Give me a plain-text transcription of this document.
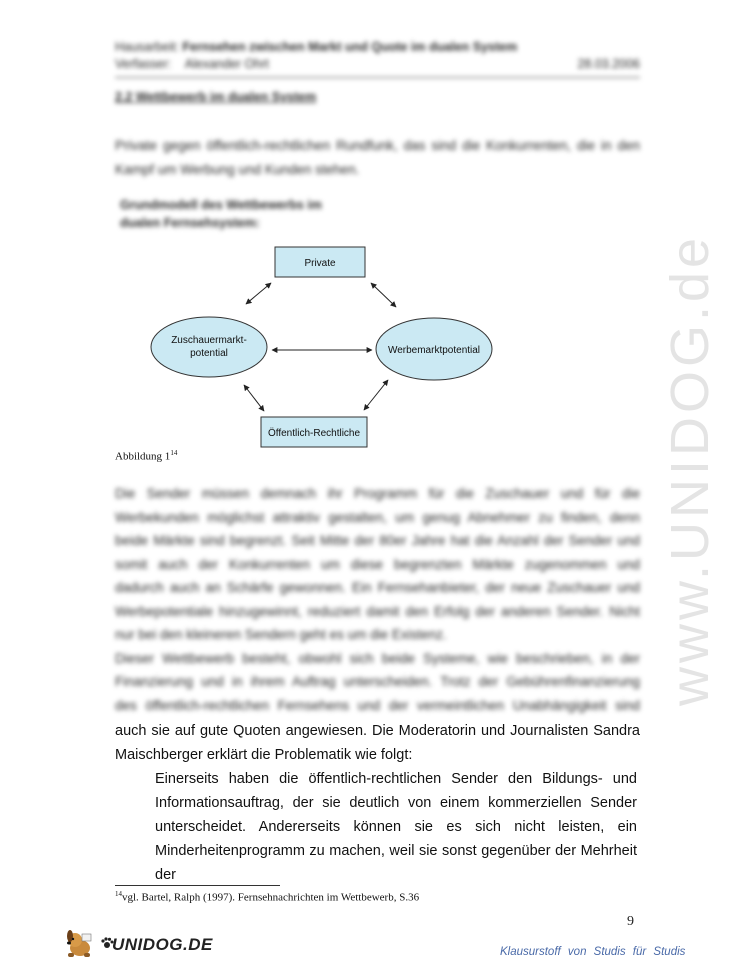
www.UNIDOG.de
Hausarbeit: Fernsehen zwischen Markt und Quote im dualen System
Verfasser: Alexander Ohrt	28.03.2006
2.2 Wettbewerb im dualen System
Private gegen öffentlich-rechtlichen Rundfunk, das sind die Konkurrenten, die in den
Kampf um Werbung und Kunden stehen.
Grundmodell des Wettbewerbs im
dualen Fernsehsystem:
Private
Zuschauermarkt-
potential	Werbemarktpotential
Öffentlich-Rechtliche
Abbildung $1^{14}$
Die Sender müssen demnach ihr Programm für die Zuschauer und für die
Werbekunden möglichst attraktiv gestalten, um genug Abnehmer zu finden, denn
beide Märkte sind begrenzt. Seit Mitte der 80er Jahre hat die Anzahl der Sender und
somit auch der Konkurrenten um diese begrenzten Märkte zugenommen und
dadurch auch an Schärfe gewonnen. Ein Fernsehanbieter, der neue Zuschauer und
Werbepotentiale hinzugewinnt, reduziert damit den Erfolg der anderen Sender. Nicht
nur bei den kleineren Sendern geht es um die Existenz.
Dieser Wettbewerb besteht, obwohl sich beide Systeme, wie beschrieben, in der
Finanzierung und in ihrem Auftrag unterscheiden. Trotz der Gebührenfinanzierung
des öffentlich-rechtlichen Fernsehens und der vermeintlichen Unabhängigkeit sind
auch sie auf gute Quoten angewiesen. Die Moderatorin und Journalisten Sandra
Maischberger erklärt die Problematik wie folgt:
Einerseits haben die öffentlich-rechtlichen Sender den Bildungs- und
Informationsauftrag, der sie deutlich von einem kommerziellen Sender
unterscheidet. Andererseits können sie es sich nicht leisten, ein
Minderheitenprogramm zu machen, weil sie sonst gegenüber der Mehrheit der
$^{14}$vgl. Bartel, Ralph (1997). Fernsehnachrichten im Wettbewerb, S.36
9
UNIDOG.DE	Klausurstoff von Studis für Studis
